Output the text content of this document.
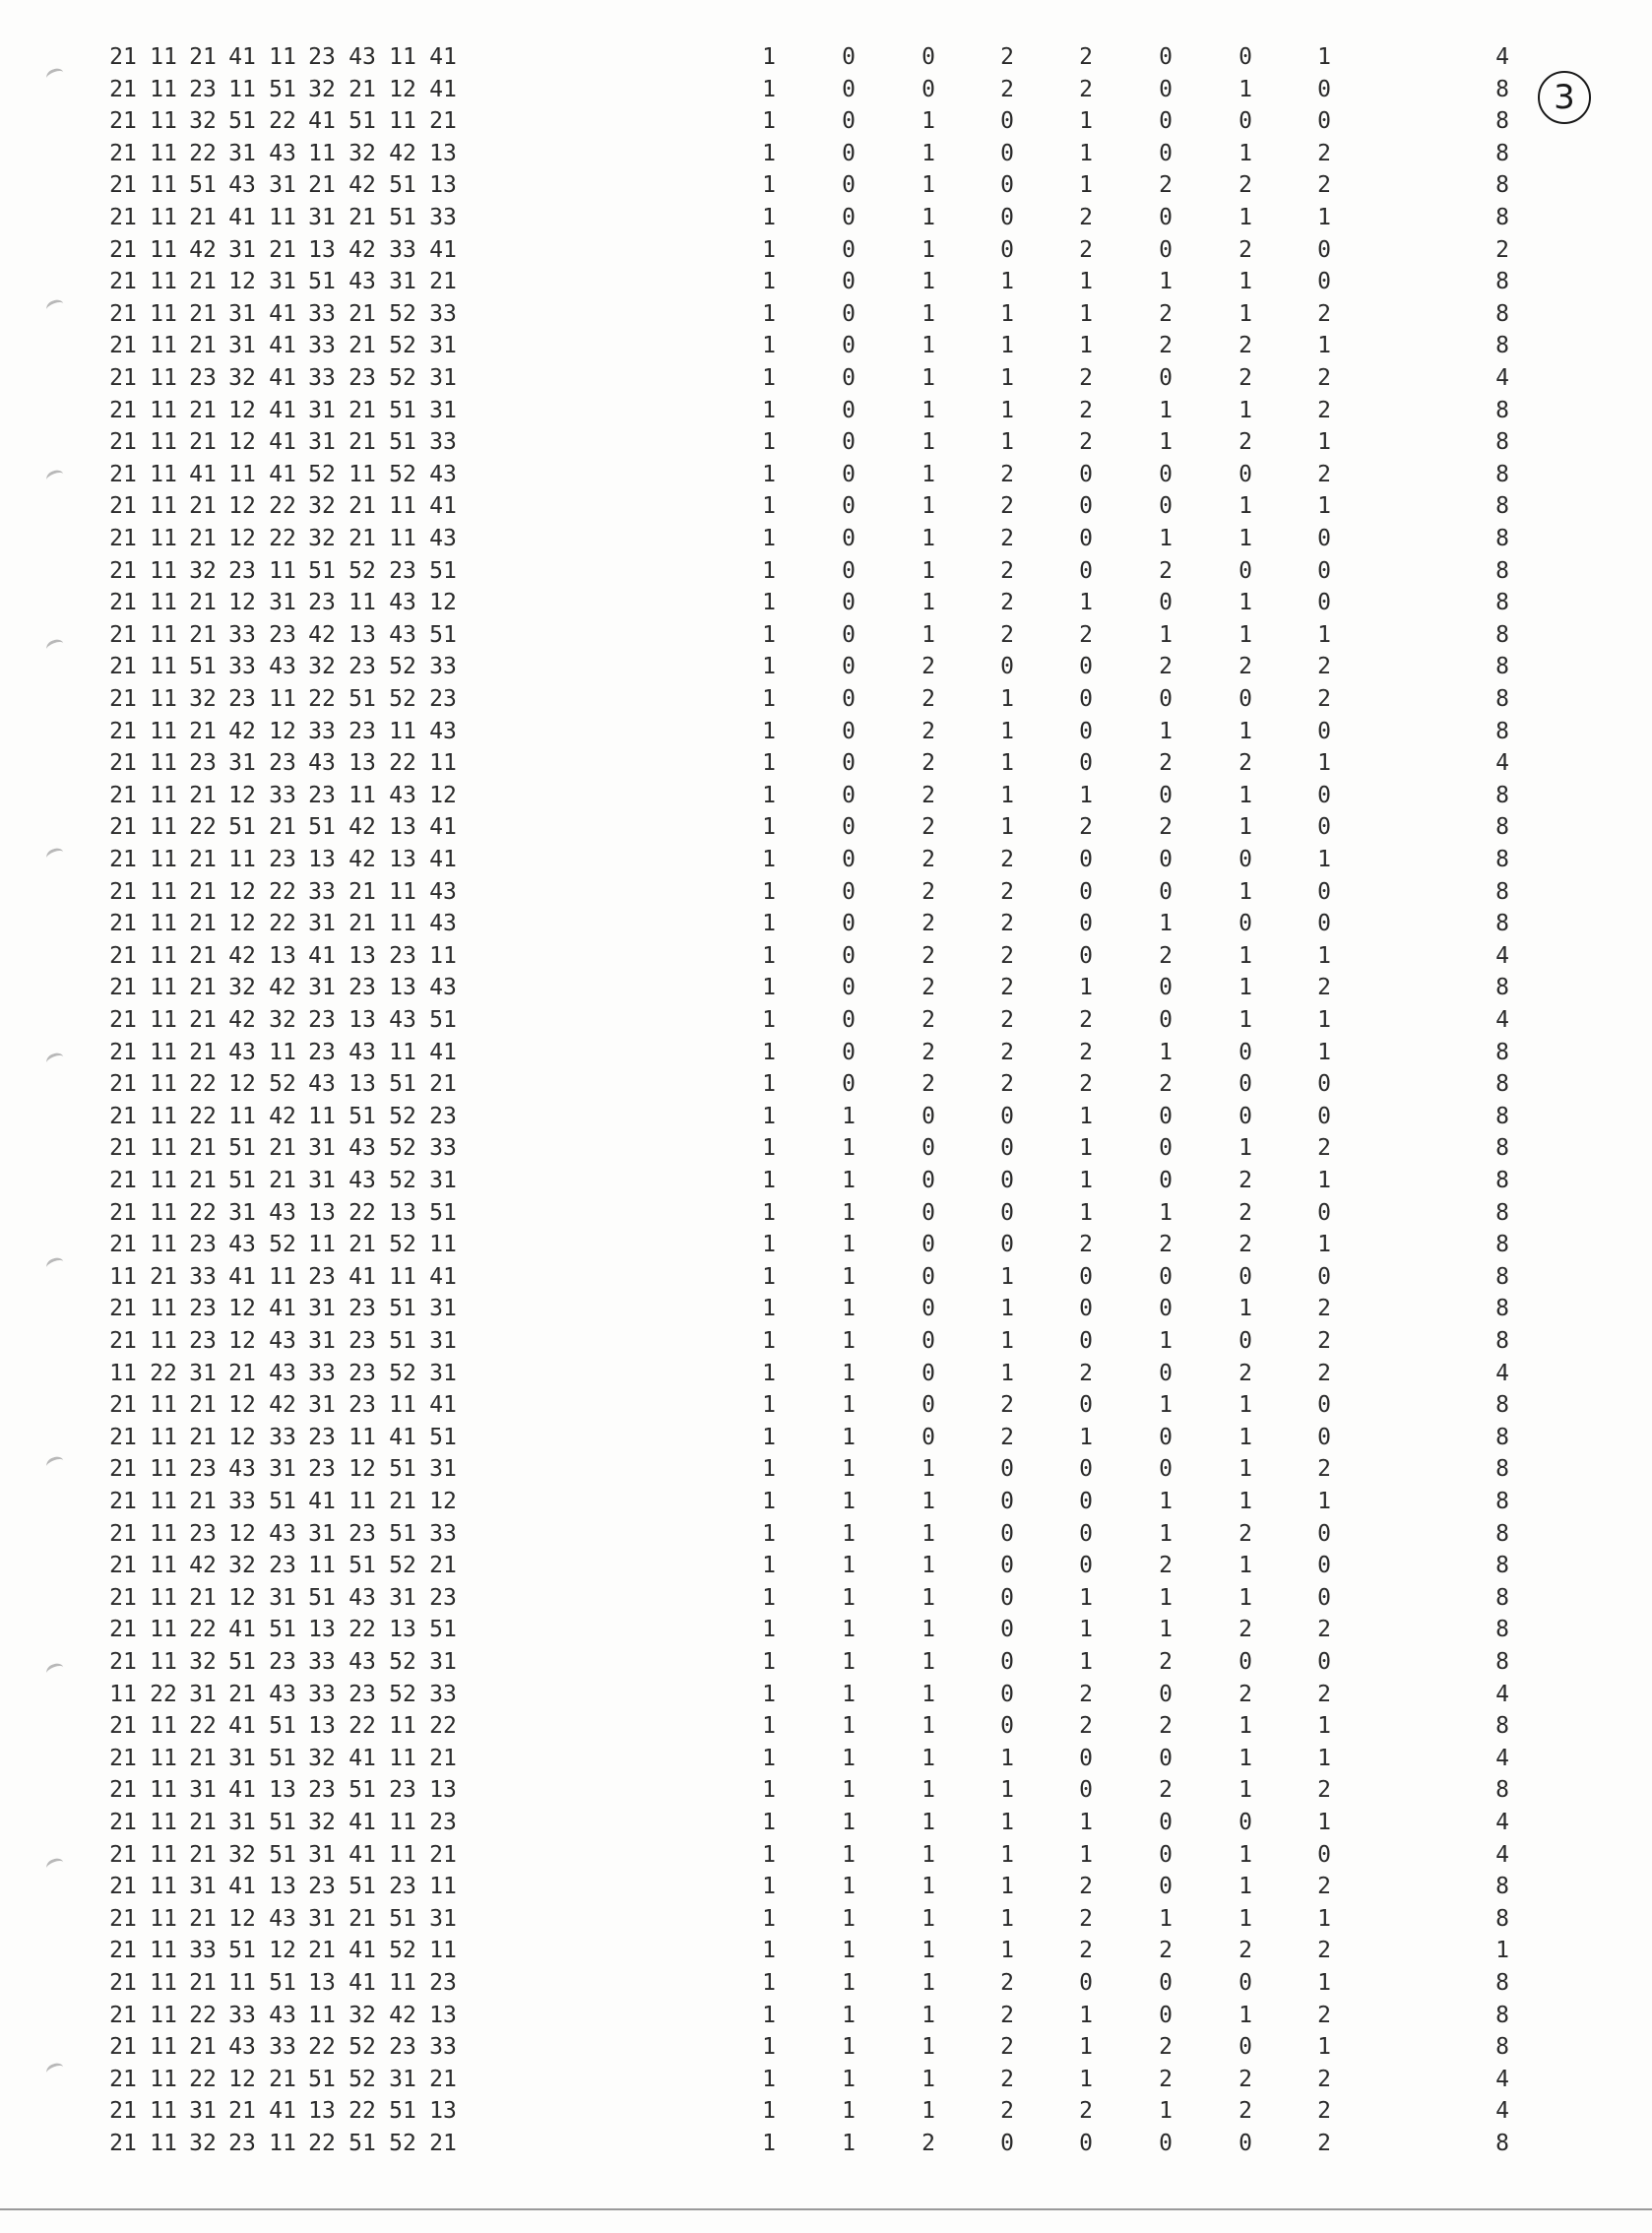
3
21 11 21 41 11 23 43 11 41	1	0	0	2	2	0	0	1	4
21 11 23 11 51 32 21 12 41	1	0	0	2	2	0	1	0	8
21 11 32 51 22 41 51 11 21	1	0	1	0	1	0	0	0	8
21 11 22 31 43 11 32 42 13	1	0	1	0	1	0	1	2	8
21 11 51 43 31 21 42 51 13	1	0	1	0	1	2	2	2	8
21 11 21 41 11 31 21 51 33	1	0	1	0	2	0	1	1	8
21 11 42 31 21 13 42 33 41	1	0	1	0	2	0	2	0	2
21 11 21 12 31 51 43 31 21	1	0	1	1	1	1	1	0	8
21 11 21 31 41 33 21 52 33	1	0	1	1	1	2	1	2	8
21 11 21 31 41 33 21 52 31	1	0	1	1	1	2	2	1	8
21 11 23 32 41 33 23 52 31	1	0	1	1	2	0	2	2	4
21 11 21 12 41 31 21 51 31	1	0	1	1	2	1	1	2	8
21 11 21 12 41 31 21 51 33	1	0	1	1	2	1	2	1	8
21 11 41 11 41 52 11 52 43	1	0	1	2	0	0	0	2	8
21 11 21 12 22 32 21 11 41	1	0	1	2	0	0	1	1	8
21 11 21 12 22 32 21 11 43	1	0	1	2	0	1	1	0	8
21 11 32 23 11 51 52 23 51	1	0	1	2	0	2	0	0	8
21 11 21 12 31 23 11 43 12	1	0	1	2	1	0	1	0	8
21 11 21 33 23 42 13 43 51	1	0	1	2	2	1	1	1	8
21 11 51 33 43 32 23 52 33	1	0	2	0	0	2	2	2	8
21 11 32 23 11 22 51 52 23	1	0	2	1	0	0	0	2	8
21 11 21 42 12 33 23 11 43	1	0	2	1	0	1	1	0	8
21 11 23 31 23 43 13 22 11	1	0	2	1	0	2	2	1	4
21 11 21 12 33 23 11 43 12	1	0	2	1	1	0	1	0	8
21 11 22 51 21 51 42 13 41	1	0	2	1	2	2	1	0	8
21 11 21 11 23 13 42 13 41	1	0	2	2	0	0	0	1	8
21 11 21 12 22 33 21 11 43	1	0	2	2	0	0	1	0	8
21 11 21 12 22 31 21 11 43	1	0	2	2	0	1	0	0	8
21 11 21 42 13 41 13 23 11	1	0	2	2	0	2	1	1	4
21 11 21 32 42 31 23 13 43	1	0	2	2	1	0	1	2	8
21 11 21 42 32 23 13 43 51	1	0	2	2	2	0	1	1	4
21 11 21 43 11 23 43 11 41	1	0	2	2	2	1	0	1	8
21 11 22 12 52 43 13 51 21	1	0	2	2	2	2	0	0	8
21 11 22 11 42 11 51 52 23	1	1	0	0	1	0	0	0	8
21 11 21 51 21 31 43 52 33	1	1	0	0	1	0	1	2	8
21 11 21 51 21 31 43 52 31	1	1	0	0	1	0	2	1	8
21 11 22 31 43 13 22 13 51	1	1	0	0	1	1	2	0	8
21 11 23 43 52 11 21 52 11	1	1	0	0	2	2	2	1	8
11 21 33 41 11 23 41 11 41	1	1	0	1	0	0	0	0	8
21 11 23 12 41 31 23 51 31	1	1	0	1	0	0	1	2	8
21 11 23 12 43 31 23 51 31	1	1	0	1	0	1	0	2	8
11 22 31 21 43 33 23 52 31	1	1	0	1	2	0	2	2	4
21 11 21 12 42 31 23 11 41	1	1	0	2	0	1	1	0	8
21 11 21 12 33 23 11 41 51	1	1	0	2	1	0	1	0	8
21 11 23 43 31 23 12 51 31	1	1	1	0	0	0	1	2	8
21 11 21 33 51 41 11 21 12	1	1	1	0	0	1	1	1	8
21 11 23 12 43 31 23 51 33	1	1	1	0	0	1	2	0	8
21 11 42 32 23 11 51 52 21	1	1	1	0	0	2	1	0	8
21 11 21 12 31 51 43 31 23	1	1	1	0	1	1	1	0	8
21 11 22 41 51 13 22 13 51	1	1	1	0	1	1	2	2	8
21 11 32 51 23 33 43 52 31	1	1	1	0	1	2	0	0	8
11 22 31 21 43 33 23 52 33	1	1	1	0	2	0	2	2	4
21 11 22 41 51 13 22 11 22	1	1	1	0	2	2	1	1	8
21 11 21 31 51 32 41 11 21	1	1	1	1	0	0	1	1	4
21 11 31 41 13 23 51 23 13	1	1	1	1	0	2	1	2	8
21 11 21 31 51 32 41 11 23	1	1	1	1	1	0	0	1	4
21 11 21 32 51 31 41 11 21	1	1	1	1	1	0	1	0	4
21 11 31 41 13 23 51 23 11	1	1	1	1	2	0	1	2	8
21 11 21 12 43 31 21 51 31	1	1	1	1	2	1	1	1	8
21 11 33 51 12 21 41 52 11	1	1	1	1	2	2	2	2	1
21 11 21 11 51 13 41 11 23	1	1	1	2	0	0	0	1	8
21 11 22 33 43 11 32 42 13	1	1	1	2	1	0	1	2	8
21 11 21 43 33 22 52 23 33	1	1	1	2	1	2	0	1	8
21 11 22 12 21 51 52 31 21	1	1	1	2	1	2	2	2	4
21 11 31 21 41 13 22 51 13	1	1	1	2	2	1	2	2	4
21 11 32 23 11 22 51 52 21	1	1	2	0	0	0	0	2	8
